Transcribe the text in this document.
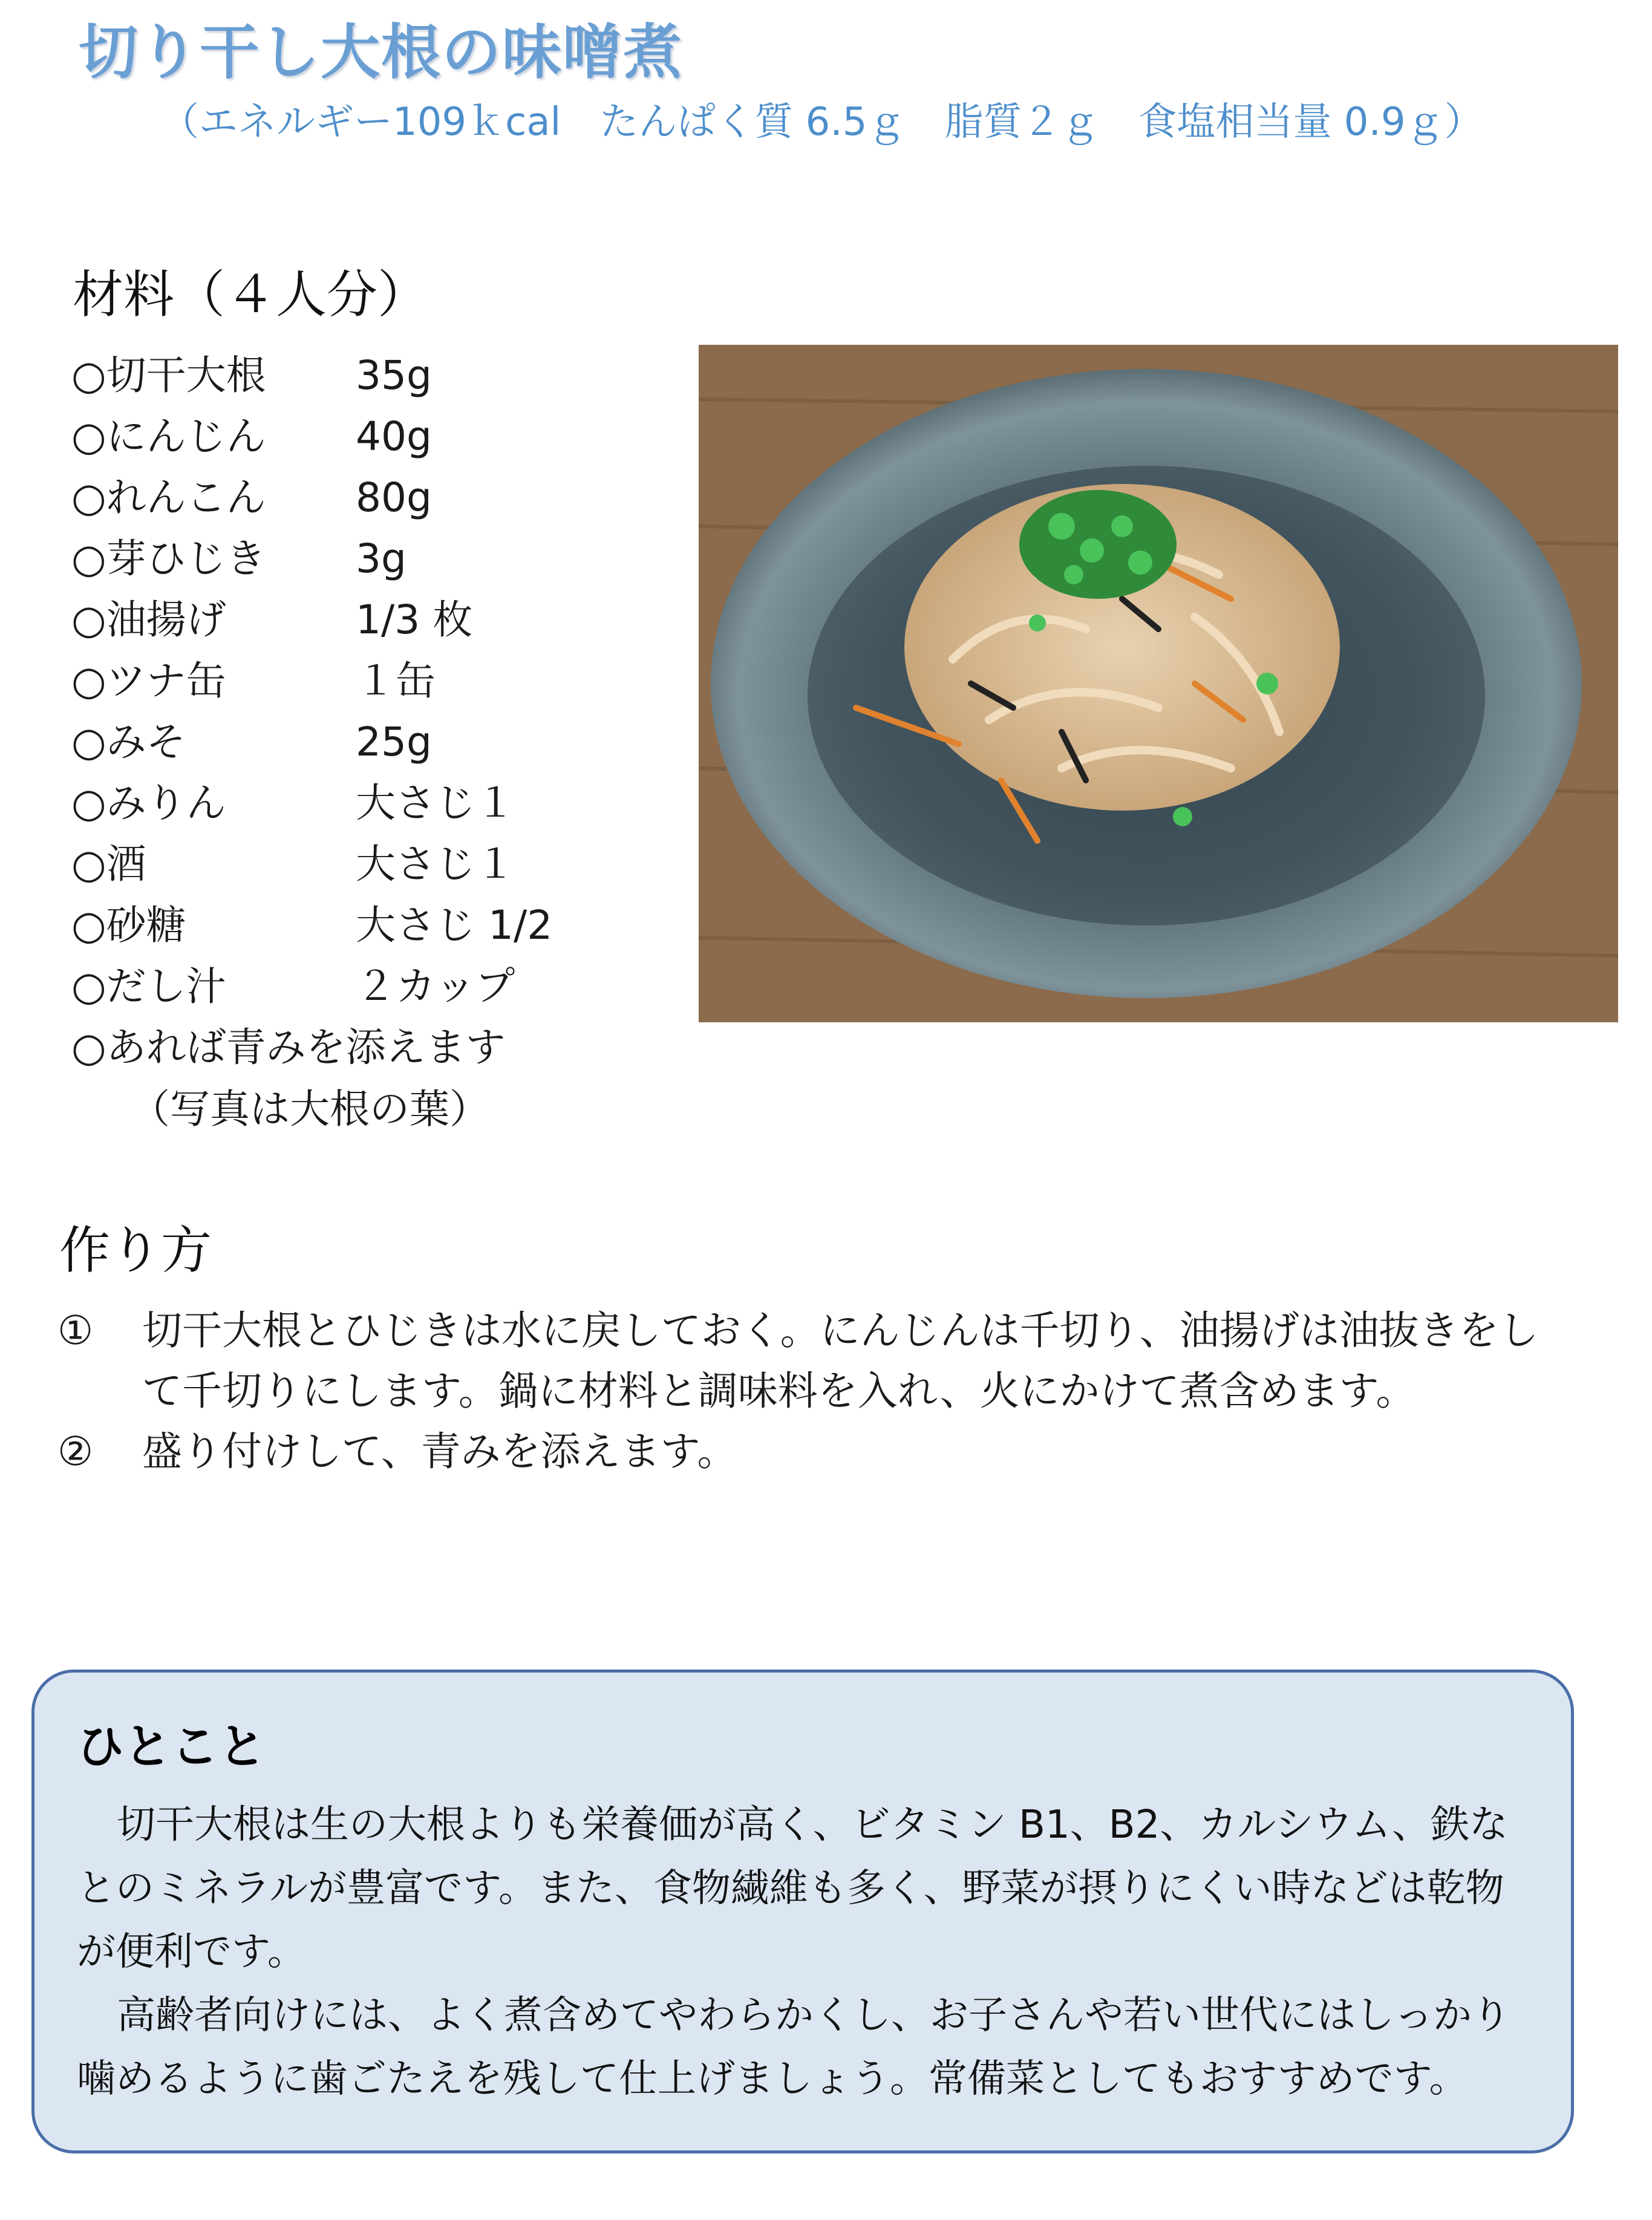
切り干し大根の味噌煮
（エネルギー109ｋcal　たんぱく質 6.5ｇ　脂質２ｇ　食塩相当量 0.9ｇ）
材料（４人分）
○切干大根 35g
○にんじん 40g
○れんこん 80g
○芽ひじき 3g
○油揚げ	1/3 枚
○ツナ缶	１缶
○みそ	25g
○みりん	大さじ１
○酒	大さじ１
○砂糖	大さじ 1/2
○だし汁	２カップ
○あれば青みを添えます
（写真は大根の葉）
作り方
① 切干大根とひじきは水に戻しておく。にんじんは千切り、油揚げは油抜きをして千切りにします。鍋に材料と調味料を入れ、火にかけて煮含めます。
② 盛り付けして、青みを添えます。
ひとこと
切干大根は生の大根よりも栄養価が高く、ビタミン B1、B2、カルシウム、鉄なとのミネラルが豊富です。また、食物繊維も多く、野菜が摂りにくい時などは乾物が便利です。
高齢者向けには、よく煮含めてやわらかくし、お子さんや若い世代にはしっかり噛めるように歯ごたえを残して仕上げましょう。常備菜としてもおすすめです。
